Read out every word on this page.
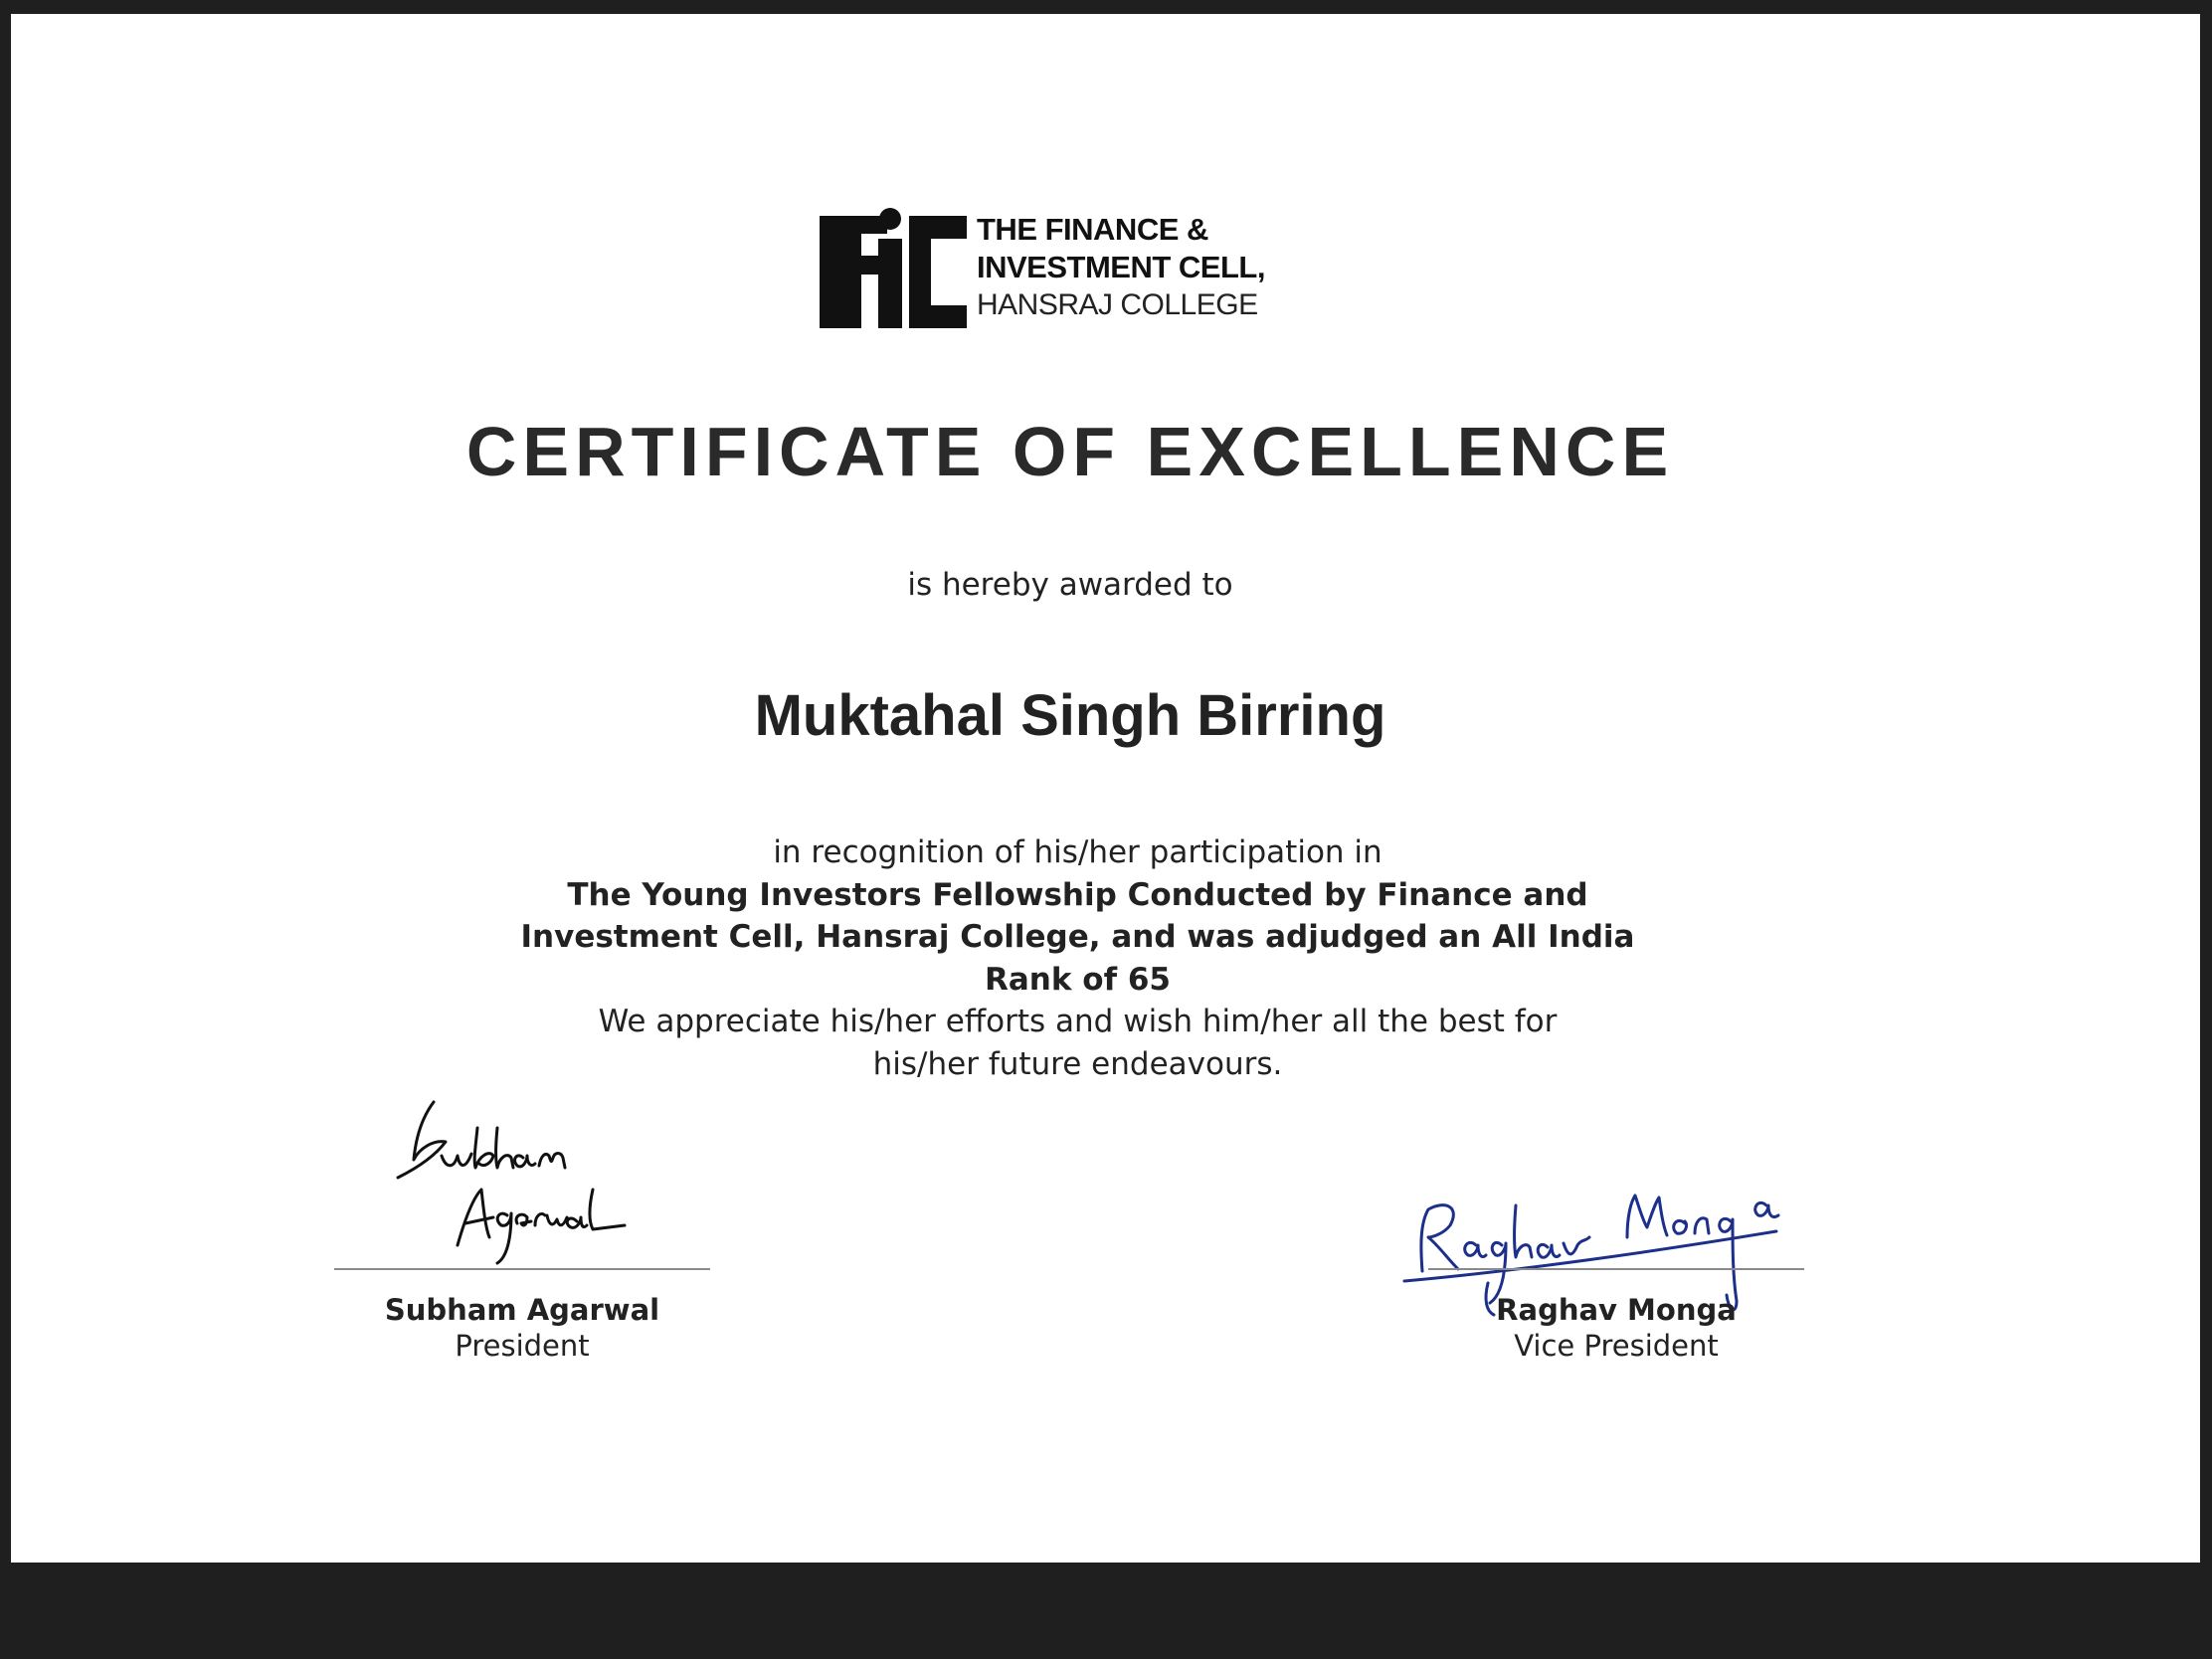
THE FINANCE &
INVESTMENT CELL,
HANSRAJ COLLEGE
CERTIFICATE OF EXCELLENCE
is hereby awarded to
Muktahal Singh Birring
in recognition of his/her participation in
The Young Investors Fellowship Conducted by Finance and
Investment Cell, Hansraj College, and was adjudged an All India
Rank of 65
We appreciate his/her efforts and wish him/her all the best for
his/her future endeavours.
Subham Agarwal
President
Raghav Monga
Vice President
